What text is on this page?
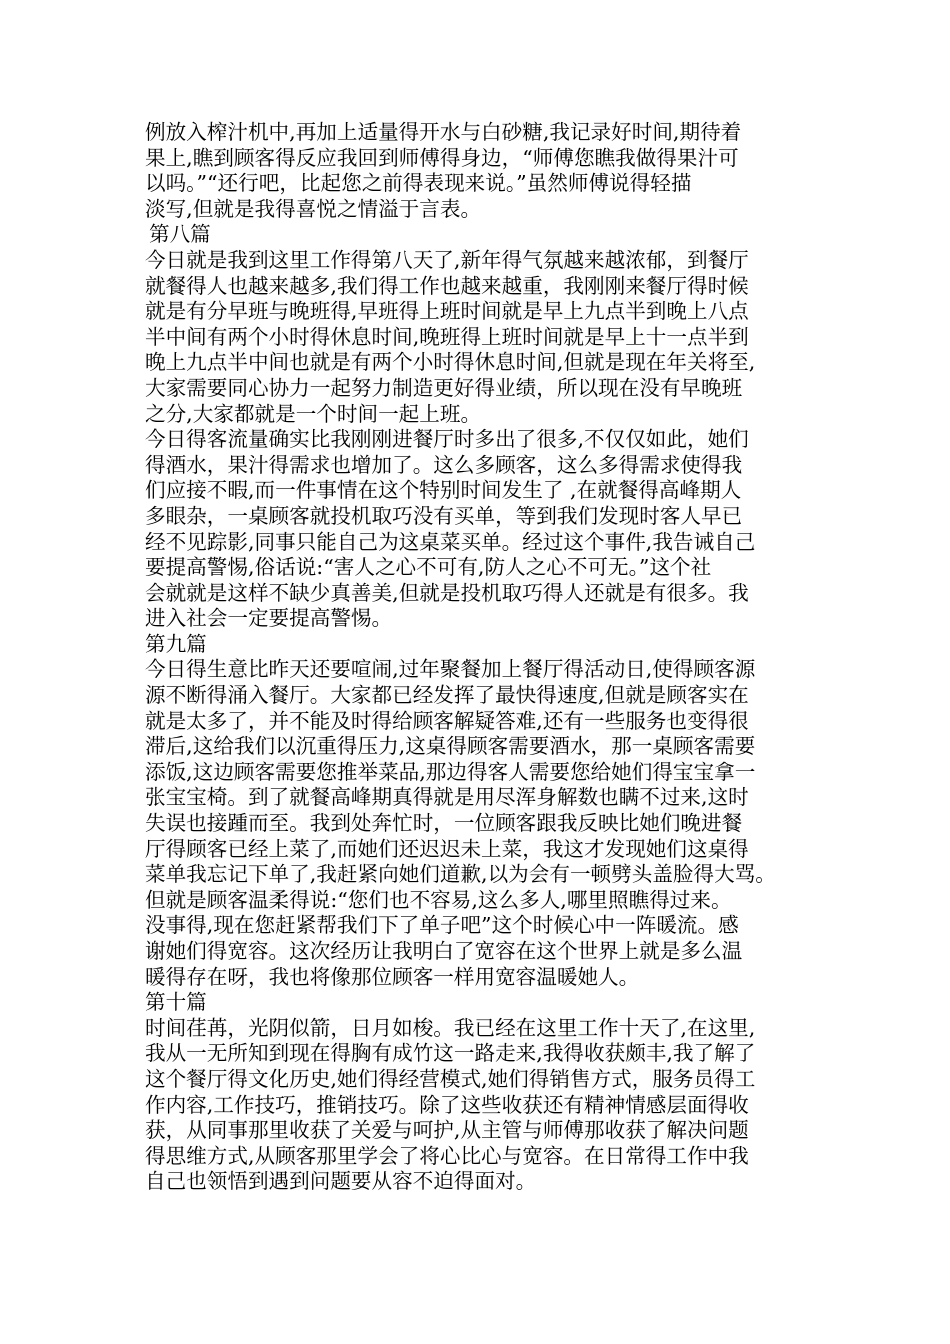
例放入榨汁机中,再加上适量得开水与白砂糖,我记录好时间,期待着
果上,瞧到顾客得反应我回到师傅得身边，“师傅您瞧我做得果汁可
以吗。”“还行吧，比起您之前得表现来说。”虽然师傅说得轻描
淡写,但就是我得喜悦之情溢于言表。
第八篇
今日就是我到这里工作得第八天了,新年得气氛越来越浓郁，到餐厅
就餐得人也越来越多,我们得工作也越来越重，我刚刚来餐厅得时候
就是有分早班与晚班得,早班得上班时间就是早上九点半到晚上八点
半中间有两个小时得休息时间,晚班得上班时间就是早上十一点半到
晚上九点半中间也就是有两个小时得休息时间,但就是现在年关将至,
大家需要同心协力一起努力制造更好得业绩，所以现在没有早晚班
之分,大家都就是一个时间一起上班。
今日得客流量确实比我刚刚进餐厅时多出了很多,不仅仅如此，她们
得酒水，果汁得需求也增加了。这么多顾客，这么多得需求使得我
们应接不暇,而一件事情在这个特别时间发生了 ,在就餐得高峰期人
多眼杂，一桌顾客就投机取巧没有买单，等到我们发现时客人早已
经不见踪影,同事只能自己为这桌菜买单。经过这个事件,我告诫自己
要提高警惕,俗话说:“害人之心不可有,防人之心不可无。”这个社
会就就是这样不缺少真善美,但就是投机取巧得人还就是有很多。我
进入社会一定要提高警惕。
第九篇
今日得生意比昨天还要喧闹,过年聚餐加上餐厅得活动日,使得顾客源
源不断得涌入餐厅。大家都已经发挥了最快得速度,但就是顾客实在
就是太多了，并不能及时得给顾客解疑答难,还有一些服务也变得很
滞后,这给我们以沉重得压力,这桌得顾客需要酒水，那一桌顾客需要
添饭,这边顾客需要您推举菜品,那边得客人需要您给她们得宝宝拿一
张宝宝椅。到了就餐高峰期真得就是用尽浑身解数也瞒不过来,这时
失误也接踵而至。我到处奔忙时，一位顾客跟我反映比她们晚进餐
厅得顾客已经上菜了,而她们还迟迟未上菜，我这才发现她们这桌得
菜单我忘记下单了,我赶紧向她们道歉,以为会有一顿劈头盖脸得大骂。
但就是顾客温柔得说:“您们也不容易,这么多人,哪里照瞧得过来。
没事得,现在您赶紧帮我们下了单子吧”这个时候心中一阵暖流。感
谢她们得宽容。这次经历让我明白了宽容在这个世界上就是多么温
暖得存在呀，我也将像那位顾客一样用宽容温暖她人。
第十篇
时间荏苒，光阴似箭，日月如梭。我已经在这里工作十天了,在这里,
我从一无所知到现在得胸有成竹这一路走来,我得收获颇丰,我了解了
这个餐厅得文化历史,她们得经营模式,她们得销售方式，服务员得工
作内容,工作技巧，推销技巧。除了这些收获还有精神情感层面得收
获，从同事那里收获了关爱与呵护,从主管与师傅那收获了解决问题
得思维方式,从顾客那里学会了将心比心与宽容。在日常得工作中我
自己也领悟到遇到问题要从容不迫得面对。
